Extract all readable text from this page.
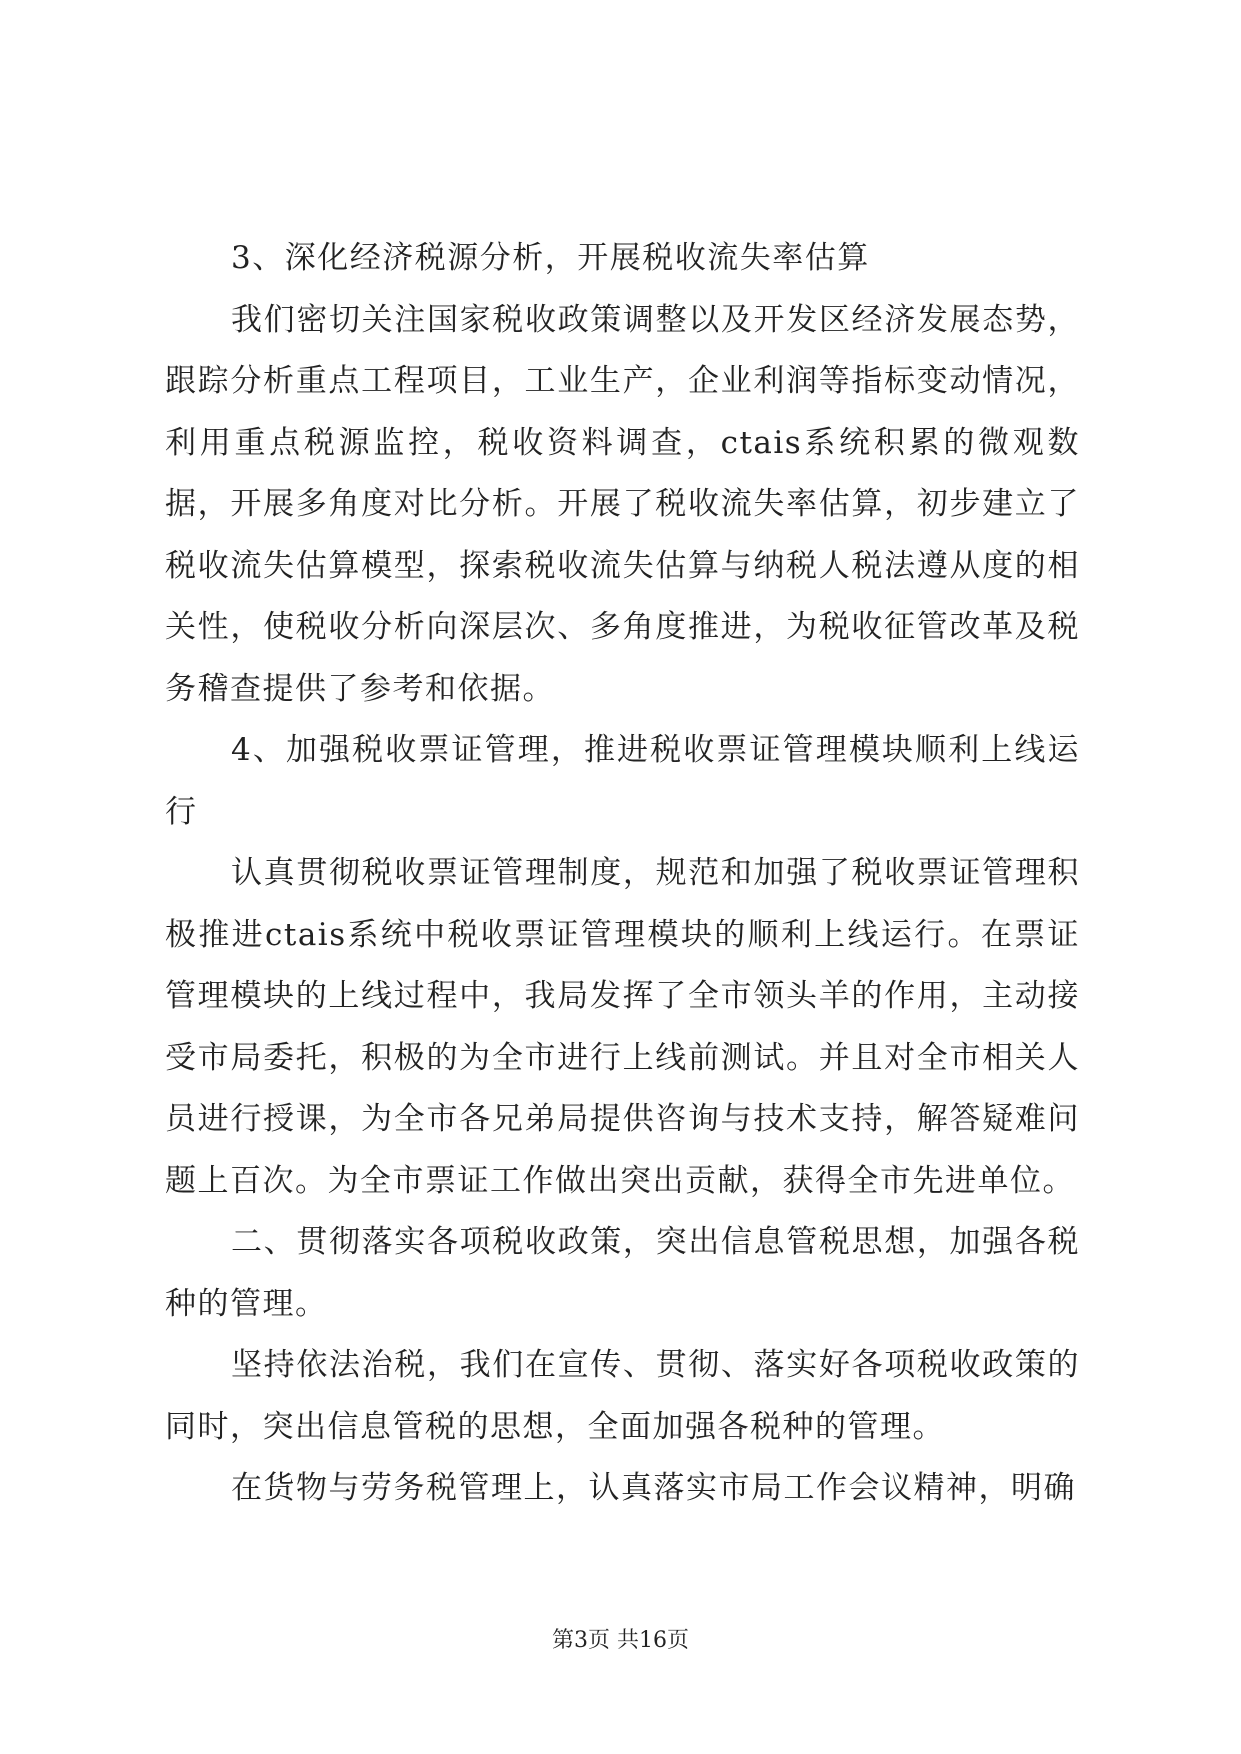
3、深化经济税源分析，开展税收流失率估算

我们密切关注国家税收政策调整以及开发区经济发展态势，跟踪分析重点工程项目，工业生产，企业利润等指标变动情况，利用重点税源监控，税收资料调查，ctais系统积累的微观数据，开展多角度对比分析。开展了税收流失率估算，初步建立了税收流失估算模型，探索税收流失估算与纳税人税法遵从度的相关性，使税收分析向深层次、多角度推进，为税收征管改革及税务稽查提供了参考和依据。

4、加强税收票证管理，推进税收票证管理模块顺利上线运行

认真贯彻税收票证管理制度，规范和加强了税收票证管理积极推进ctais系统中税收票证管理模块的顺利上线运行。在票证管理模块的上线过程中，我局发挥了全市领头羊的作用，主动接受市局委托，积极的为全市进行上线前测试。并且对全市相关人员进行授课，为全市各兄弟局提供咨询与技术支持，解答疑难问题上百次。为全市票证工作做出突出贡献，获得全市先进单位。

二、贯彻落实各项税收政策，突出信息管税思想，加强各税种的管理。

坚持依法治税，我们在宣传、贯彻、落实好各项税收政策的同时，突出信息管税的思想，全面加强各税种的管理。

在货物与劳务税管理上，认真落实市局工作会议精神，明确

第3页 共16页
